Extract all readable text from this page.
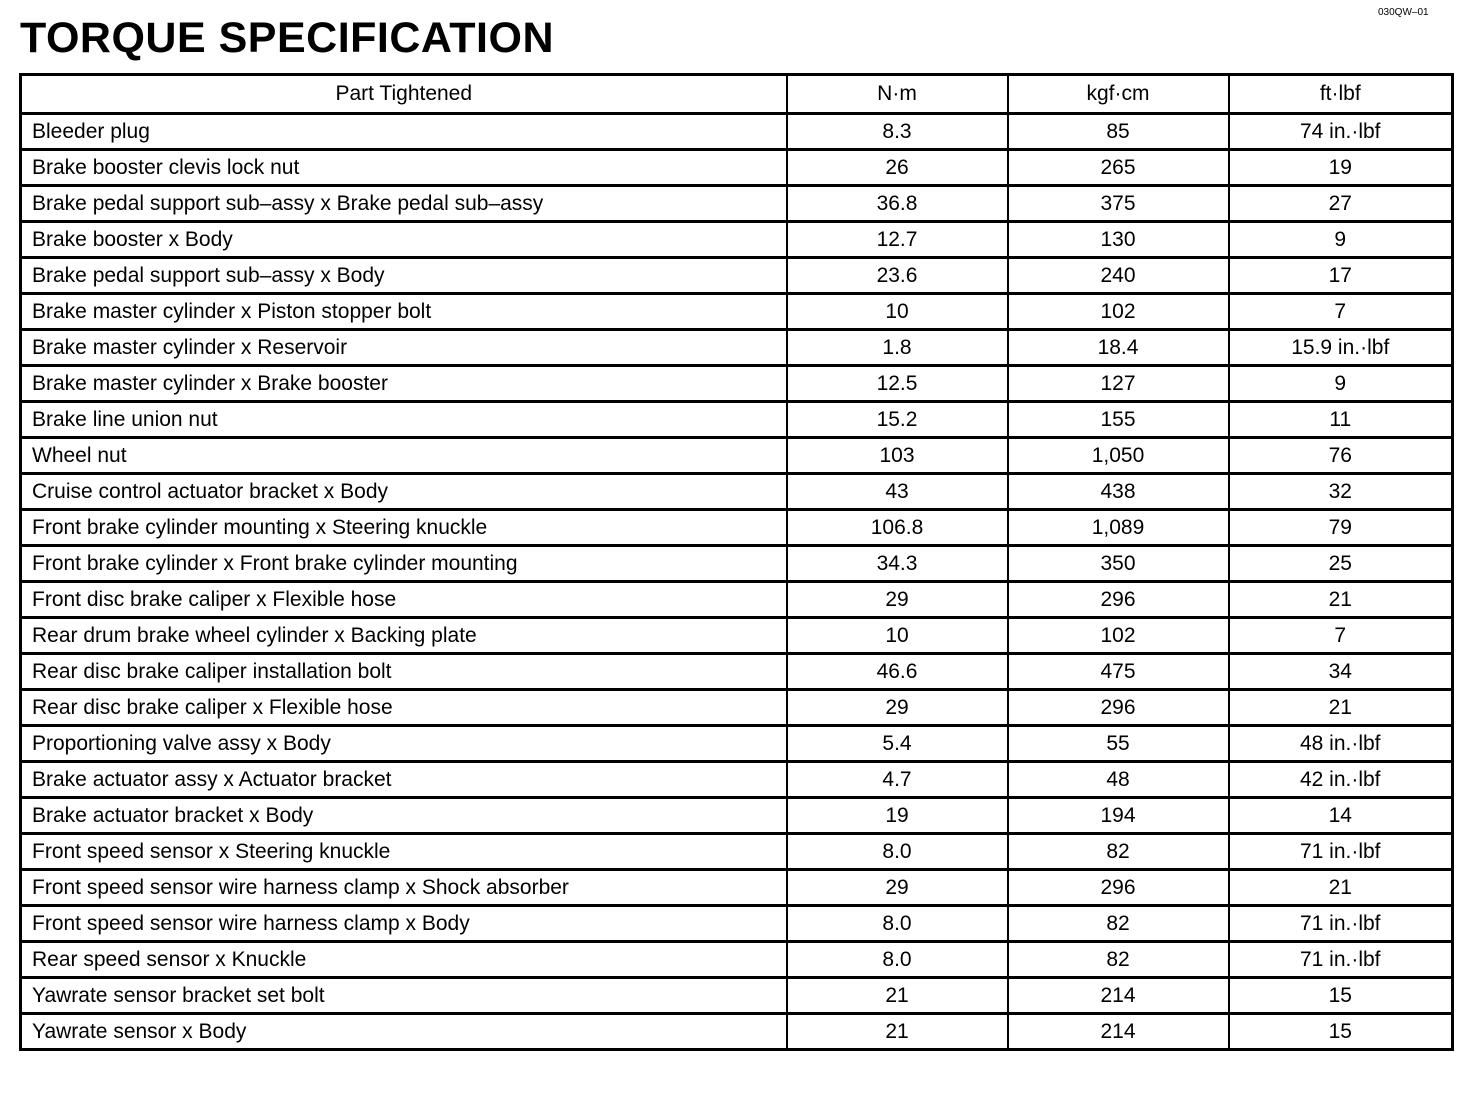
030QW–01
TORQUE SPECIFICATION
Part Tightened	N·m	kgf·cm	ft·lbf
Bleeder plug	8.3	85	74 in.·lbf
Brake booster clevis lock nut	26	265	19
Brake pedal support sub–assy x Brake pedal sub–assy	36.8	375	27
Brake booster x Body	12.7	130	9
Brake pedal support sub–assy x Body	23.6	240	17
Brake master cylinder x Piston stopper bolt	10	102	7
Brake master cylinder x Reservoir	1.8	18.4	15.9 in.·lbf
Brake master cylinder x Brake booster	12.5	127	9
Brake line union nut	15.2	155	11
Wheel nut	103	1,050	76
Cruise control actuator bracket x Body	43	438	32
Front brake cylinder mounting x Steering knuckle	106.8	1,089	79
Front brake cylinder x Front brake cylinder mounting	34.3	350	25
Front disc brake caliper x Flexible hose	29	296	21
Rear drum brake wheel cylinder x Backing plate	10	102	7
Rear disc brake caliper installation bolt	46.6	475	34
Rear disc brake caliper x Flexible hose	29	296	21
Proportioning valve assy x Body	5.4	55	48 in.·lbf
Brake actuator assy x Actuator bracket	4.7	48	42 in.·lbf
Brake actuator bracket x Body	19	194	14
Front speed sensor x Steering knuckle	8.0	82	71 in.·lbf
Front speed sensor wire harness clamp x Shock absorber	29	296	21
Front speed sensor wire harness clamp x Body	8.0	82	71 in.·lbf
Rear speed sensor x Knuckle	8.0	82	71 in.·lbf
Yawrate sensor bracket set bolt	21	214	15
Yawrate sensor x Body	21	214	15
